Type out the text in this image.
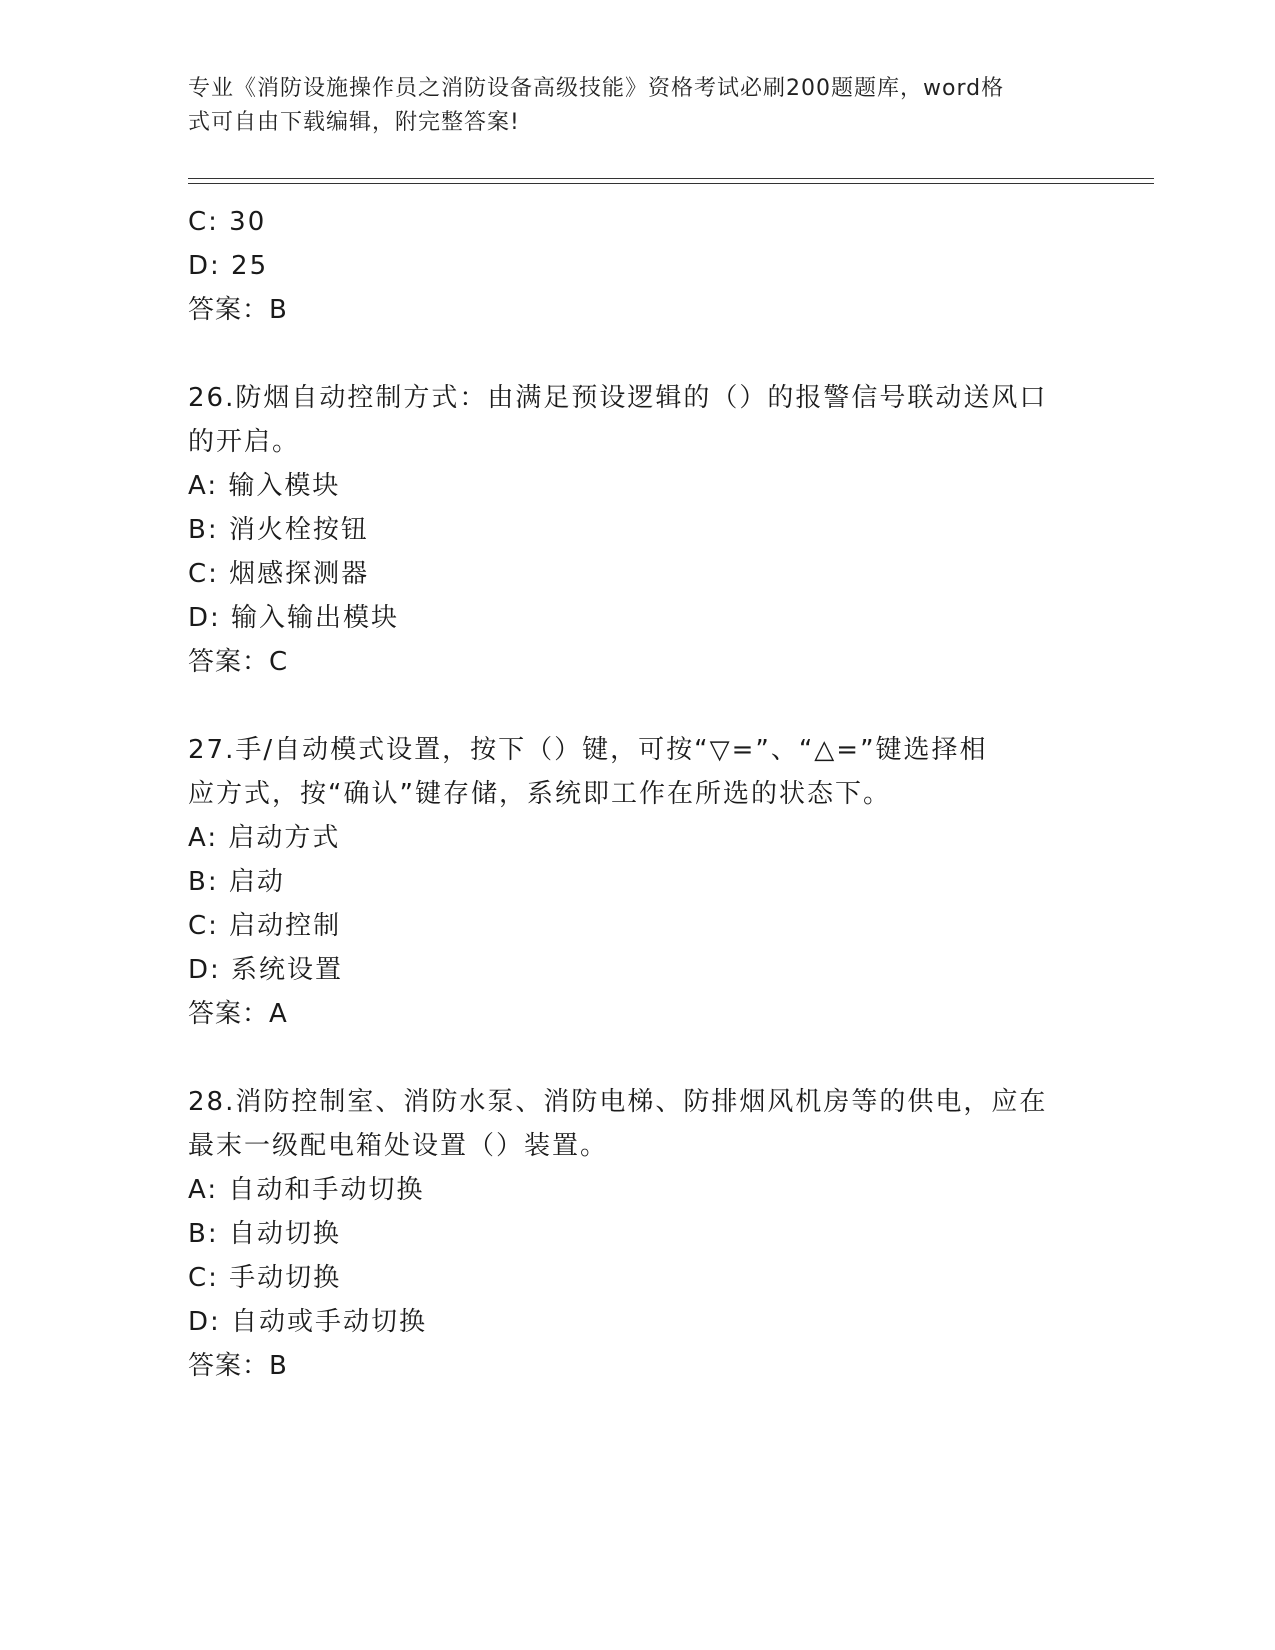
专业《消防设施操作员之消防设备高级技能》资格考试必刷200题题库，word格
式可自由下载编辑，附完整答案!
C: 30
D: 25
答案：B
26.防烟自动控制方式：由满足预设逻辑的（）的报警信号联动送风口
的开启。
A: 输入模块
B: 消火栓按钮
C: 烟感探测器
D: 输入输出模块
答案：C
27.手/自动模式设置，按下（）键，可按“▽=”、“△=”键选择相
应方式，按“确认”键存储，系统即工作在所选的状态下。
A: 启动方式
B: 启动
C: 启动控制
D: 系统设置
答案：A
28.消防控制室、消防水泵、消防电梯、防排烟风机房等的供电，应在
最末一级配电箱处设置（）装置。
A: 自动和手动切换
B: 自动切换
C: 手动切换
D: 自动或手动切换
答案：B
